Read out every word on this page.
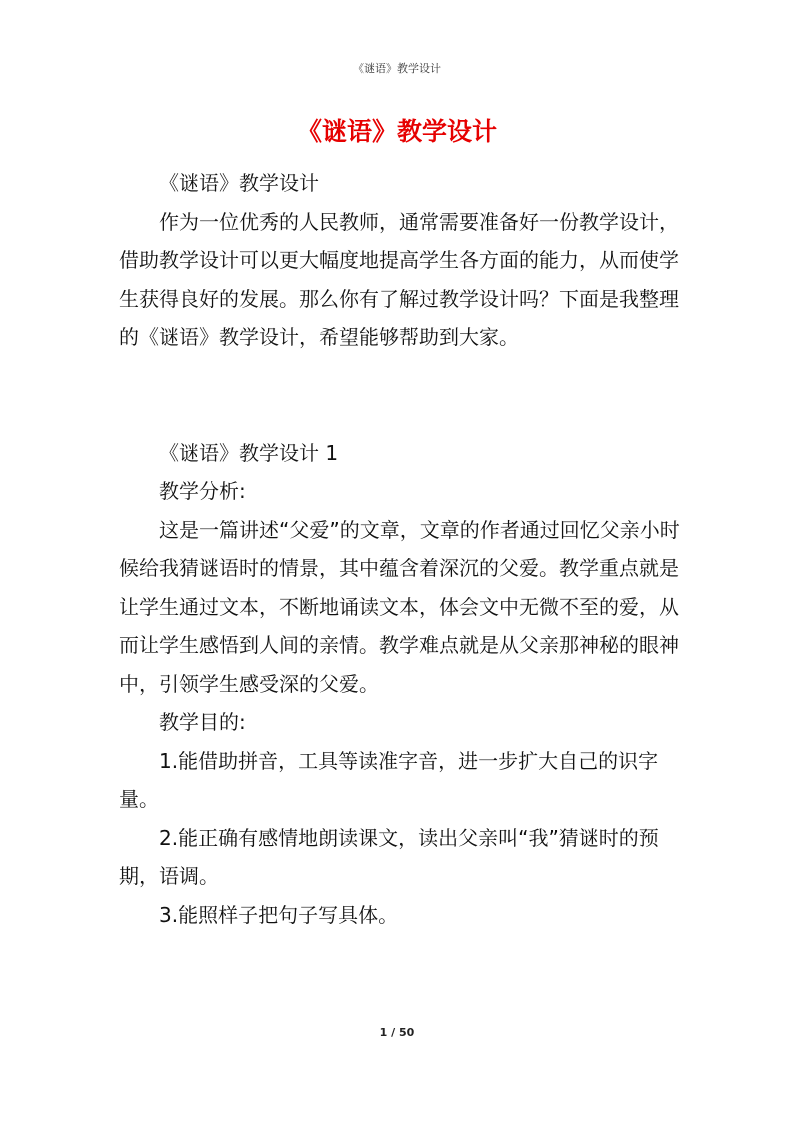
《谜语》教学设计
《谜语》教学设计

《谜语》教学设计

作为一位优秀的人民教师，通常需要准备好一份教学设计，借助教学设计可以更大幅度地提高学生各方面的能力，从而使学生获得良好的发展。那么你有了解过教学设计吗？下面是我整理的《谜语》教学设计，希望能够帮助到大家。

《谜语》教学设计 1

教学分析:

这是一篇讲述“父爱”的文章，文章的作者通过回忆父亲小时候给我猜谜语时的情景，其中蕴含着深沉的父爱。教学重点就是让学生通过文本，不断地诵读文本，体会文中无微不至的爱，从而让学生感悟到人间的亲情。教学难点就是从父亲那神秘的眼神中，引领学生感受深的父爱。

教学目的:

1.能借助拼音，工具等读准字音，进一步扩大自己的识字量。

2.能正确有感情地朗读课文，读出父亲叫“我”猜谜时的预期，语调。

3.能照样子把句子写具体。

1 / 50
